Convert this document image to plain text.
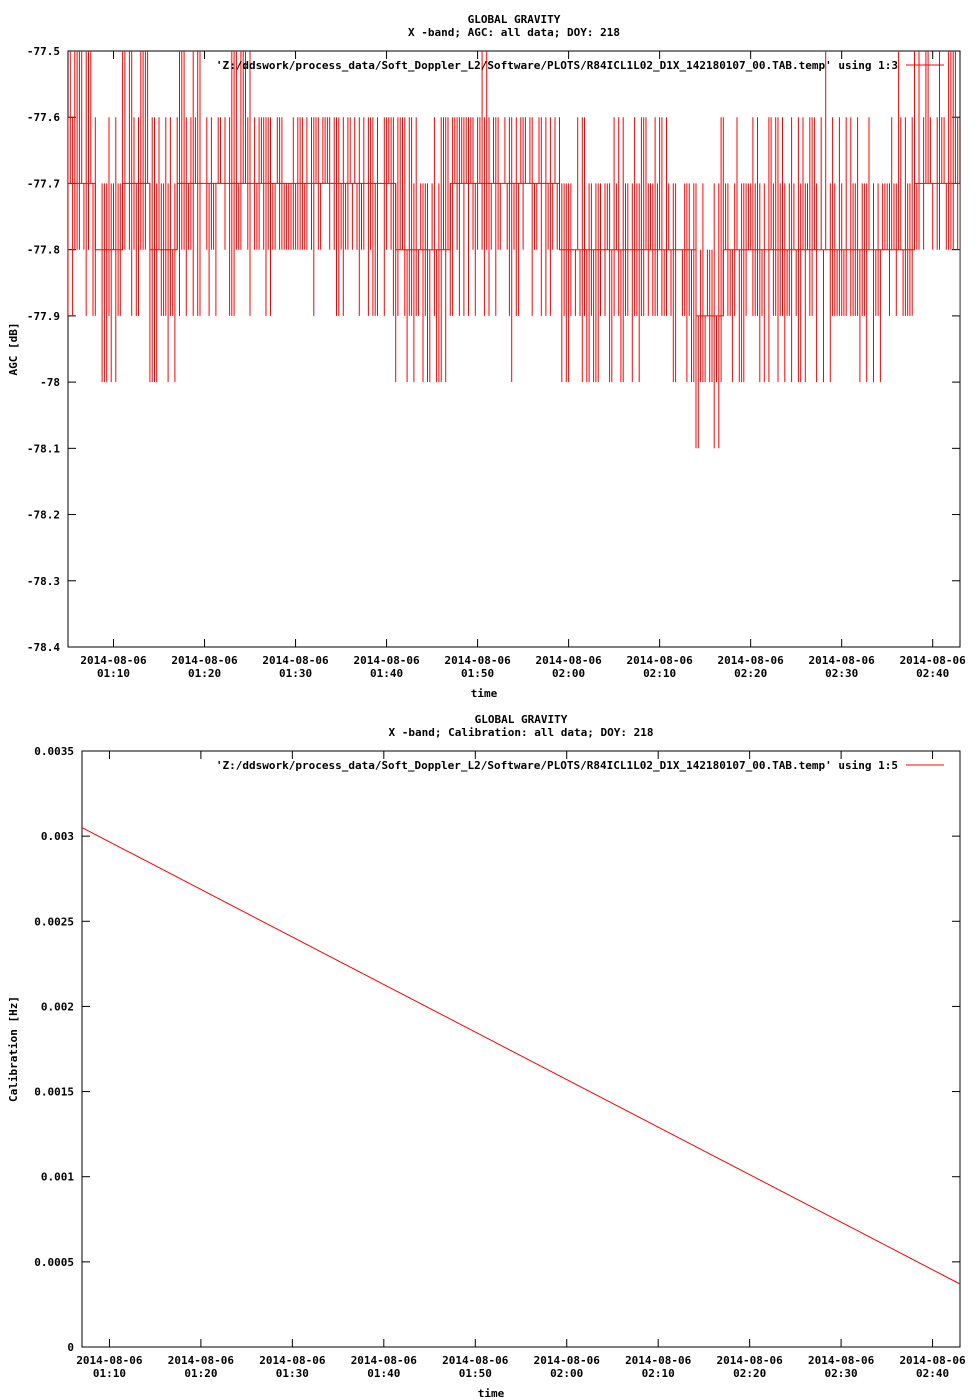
GLOBAL GRAVITY
X -band; AGC: all data; DOY: 218
-77.5
-77.6
-77.7
-77.8
-77.9
-78
-78.1
-78.2
-78.3
-78.4
2014-08-06
01:10
2014-08-06
01:20
2014-08-06
01:30
2014-08-06
01:40
2014-08-06
01:50
2014-08-06
02:00
2014-08-06
02:10
2014-08-06
02:20
2014-08-06
02:30
2014-08-06
02:40
time
AGC [dB]
'Z:/ddswork/process_data/Soft_Doppler_L2/Software/PLOTS/R84ICL1L02_D1X_142180107_00.TAB.temp' using 1:3
GLOBAL GRAVITY
X -band; Calibration: all data; DOY: 218
0
0.0005
0.001
0.0015
0.002
0.0025
0.003
0.0035
2014-08-06
01:10
2014-08-06
01:20
2014-08-06
01:30
2014-08-06
01:40
2014-08-06
01:50
2014-08-06
02:00
2014-08-06
02:10
2014-08-06
02:20
2014-08-06
02:30
2014-08-06
02:40
time
Calibration [Hz]
'Z:/ddswork/process_data/Soft_Doppler_L2/Software/PLOTS/R84ICL1L02_D1X_142180107_00.TAB.temp' using 1:5
